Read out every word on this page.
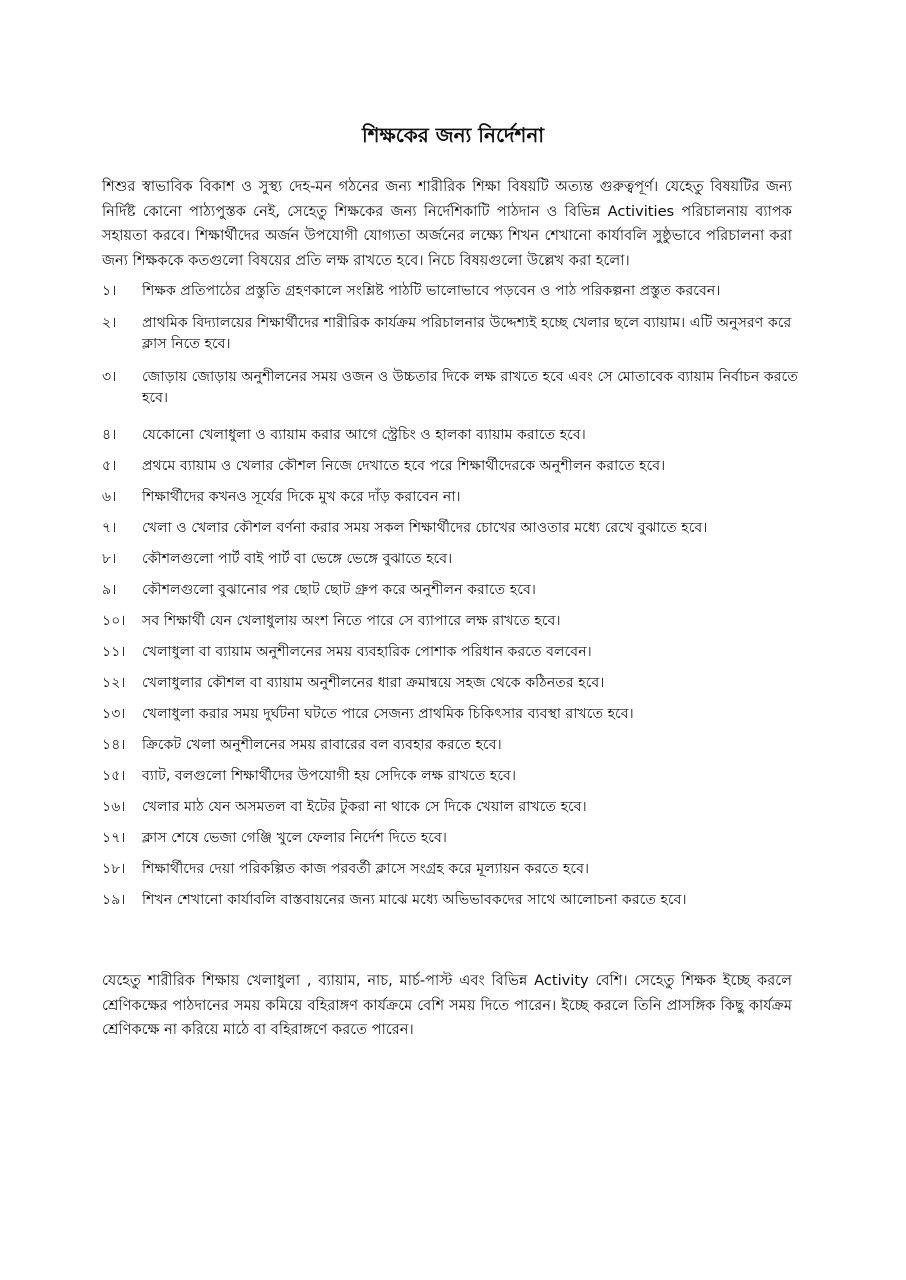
শিক্ষকের জন্য নির্দেশনা
শিশুর স্বাভাবিক বিকাশ ও সুস্থ্য দেহ-মন গঠনের জন্য শারীরিক শিক্ষা বিষয়টি অত্যন্ত গুরুত্বপূর্ণ। যেহেতু বিষয়টির জন্য নির্দিষ্ট কোনো পাঠ্যপুস্তক নেই, সেহেতু শিক্ষকের জন্য নির্দেশিকাটি পাঠদান ও বিভিন্ন Activities পরিচালনায় ব্যাপক সহায়তা করবে। শিক্ষার্থীদের অর্জন উপযোগী যোগ্যতা অর্জনের লক্ষ্যে শিখন শেখানো কার্যাবলি সুষ্ঠুভাবে পরিচালনা করা জন্য শিক্ষককে কতগুলো বিষয়ের প্রতি লক্ষ রাখতে হবে। নিচে বিষয়গুলো উল্লেখ করা হলো।
১।	শিক্ষক প্রতিপাঠের প্রস্তুতি গ্রহণকালে সংশ্লিষ্ট পাঠটি ভালোভাবে পড়বেন ও পাঠ পরিকল্পনা প্রস্তুত করবেন।
২।	প্রাথমিক বিদ্যালয়ের শিক্ষার্থীদের শারীরিক কার্যক্রম পরিচালনার উদ্দেশ্যই হচ্ছে খেলার ছলে ব্যায়াম। এটি অনুসরণ করে ক্লাস নিতে হবে।
৩।	জোড়ায় জোড়ায় অনুশীলনের সময় ওজন ও উচ্চতার দিকে লক্ষ রাখতে হবে এবং সে মোতাবেক ব্যায়াম নির্বাচন করতে হবে।
৪।	যেকোনো খেলাধুলা ও ব্যায়াম করার আগে স্ট্রেচিং ও হালকা ব্যায়াম করাতে হবে।
৫।	প্রথমে ব্যায়াম ও খেলার কৌশল নিজে দেখাতে হবে পরে শিক্ষার্থীদেরকে অনুশীলন করাতে হবে।
৬।	শিক্ষার্থীদের কখনও সূর্যের দিকে মুখ করে দাঁড় করাবেন না।
৭।	খেলা ও খেলার কৌশল বর্ণনা করার সময় সকল শিক্ষার্থীদের চোখের আওতার মধ্যে রেখে বুঝাতে হবে।
৮।	কৌশলগুলো পার্ট বাই পার্ট বা ভেঙ্গে ভেঙ্গে বুঝাতে হবে।
৯।	কৌশলগুলো বুঝানোর পর ছোট ছোট গ্রুপ করে অনুশীলন করাতে হবে।
১০।	সব শিক্ষার্থী যেন খেলাধুলায় অংশ নিতে পারে সে ব্যাপারে লক্ষ রাখতে হবে।
১১।	খেলাধুলা বা ব্যায়াম অনুশীলনের সময় ব্যবহারিক পোশাক পরিধান করতে বলবেন।
১২।	খেলাধুলার কৌশল বা ব্যায়াম অনুশীলনের ধারা ক্রমান্বয়ে সহজ থেকে কঠিনতর হবে।
১৩।	খেলাধুলা করার সময় দুর্ঘটনা ঘটতে পারে সেজন্য প্রাথমিক চিকিৎসার ব্যবস্থা রাখতে হবে।
১৪।	ক্রিকেট খেলা অনুশীলনের সময় রাবারের বল ব্যবহার করতে হবে।
১৫।	ব্যাট, বলগুলো শিক্ষার্থীদের উপযোগী হয় সেদিকে লক্ষ রাখতে হবে।
১৬।	খেলার মাঠ যেন অসমতল বা ইটের টুকরা না থাকে সে দিকে খেয়াল রাখতে হবে।
১৭।	ক্লাস শেষে ভেজা গেঞ্জি খুলে ফেলার নির্দেশ দিতে হবে।
১৮।	শিক্ষার্থীদের দেয়া পরিকল্পিত কাজ পরবর্তী ক্লাসে সংগ্রহ করে মূল্যায়ন করতে হবে।
১৯।	শিখন শেখানো কার্যাবলি বাস্তবায়নের জন্য মাঝে মধ্যে অভিভাবকদের সাথে আলোচনা করতে হবে।
যেহেতু শারীরিক শিক্ষায় খেলাধুলা , ব্যায়াম, নাচ, মার্চ-পাস্ট এবং বিভিন্ন Activity বেশি। সেহেতু শিক্ষক ইচ্ছে করলে শ্রেণিকক্ষের পাঠদানের সময় কমিয়ে বহিরাঙ্গণ কার্যক্রমে বেশি সময় দিতে পারেন। ইচ্ছে করলে তিনি প্রাসঙ্গিক কিছু কার্যক্রম শ্রেণিকক্ষে না করিয়ে মাঠে বা বহিরাঙ্গণে করতে পারেন।
